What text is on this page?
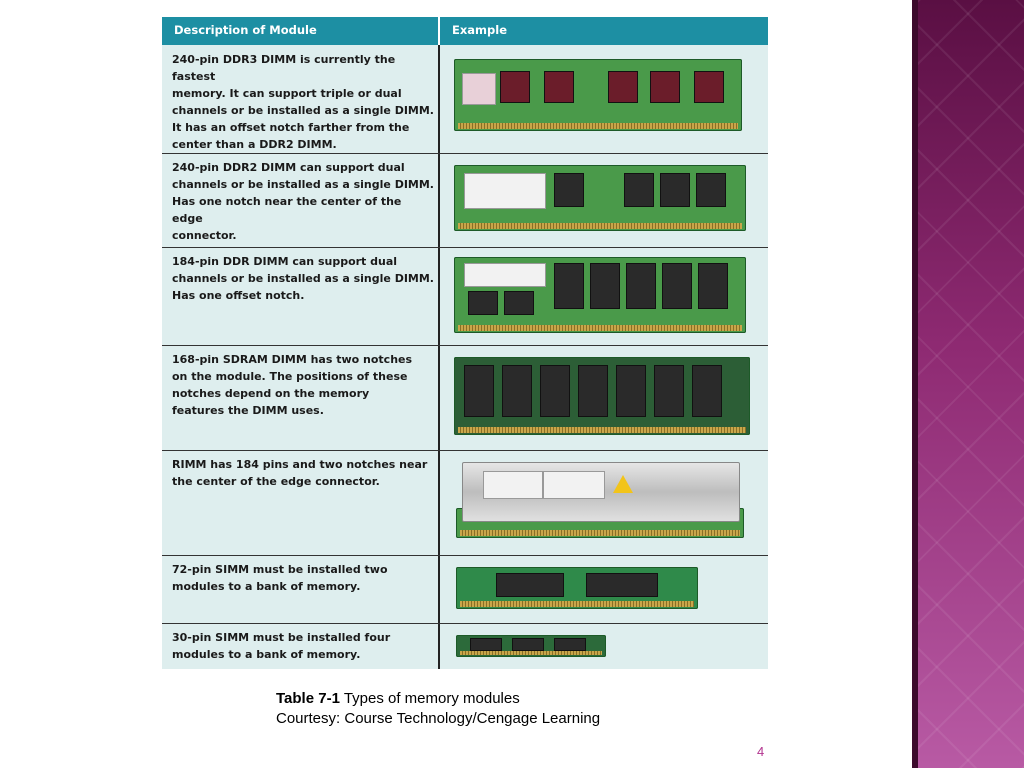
Description of Module	Example
240-pin DDR3 DIMM is currently the fastest
memory. It can support triple or dual
channels or be installed as a single DIMM.
It has an offset notch farther from the
center than a DDR2 DIMM.
240-pin DDR2 DIMM can support dual
channels or be installed as a single DIMM.
Has one notch near the center of the edge
connector.
184-pin DDR DIMM can support dual
channels or be installed as a single DIMM.
Has one offset notch.
168-pin SDRAM DIMM has two notches
on the module. The positions of these
notches depend on the memory
features the DIMM uses.
RIMM has 184 pins and two notches near
the center of the edge connector.
72-pin SIMM must be installed two
modules to a bank of memory.
30-pin SIMM must be installed four
modules to a bank of memory.
Table 7-1 Types of memory modules
Courtesy: Course Technology/Cengage Learning
4
